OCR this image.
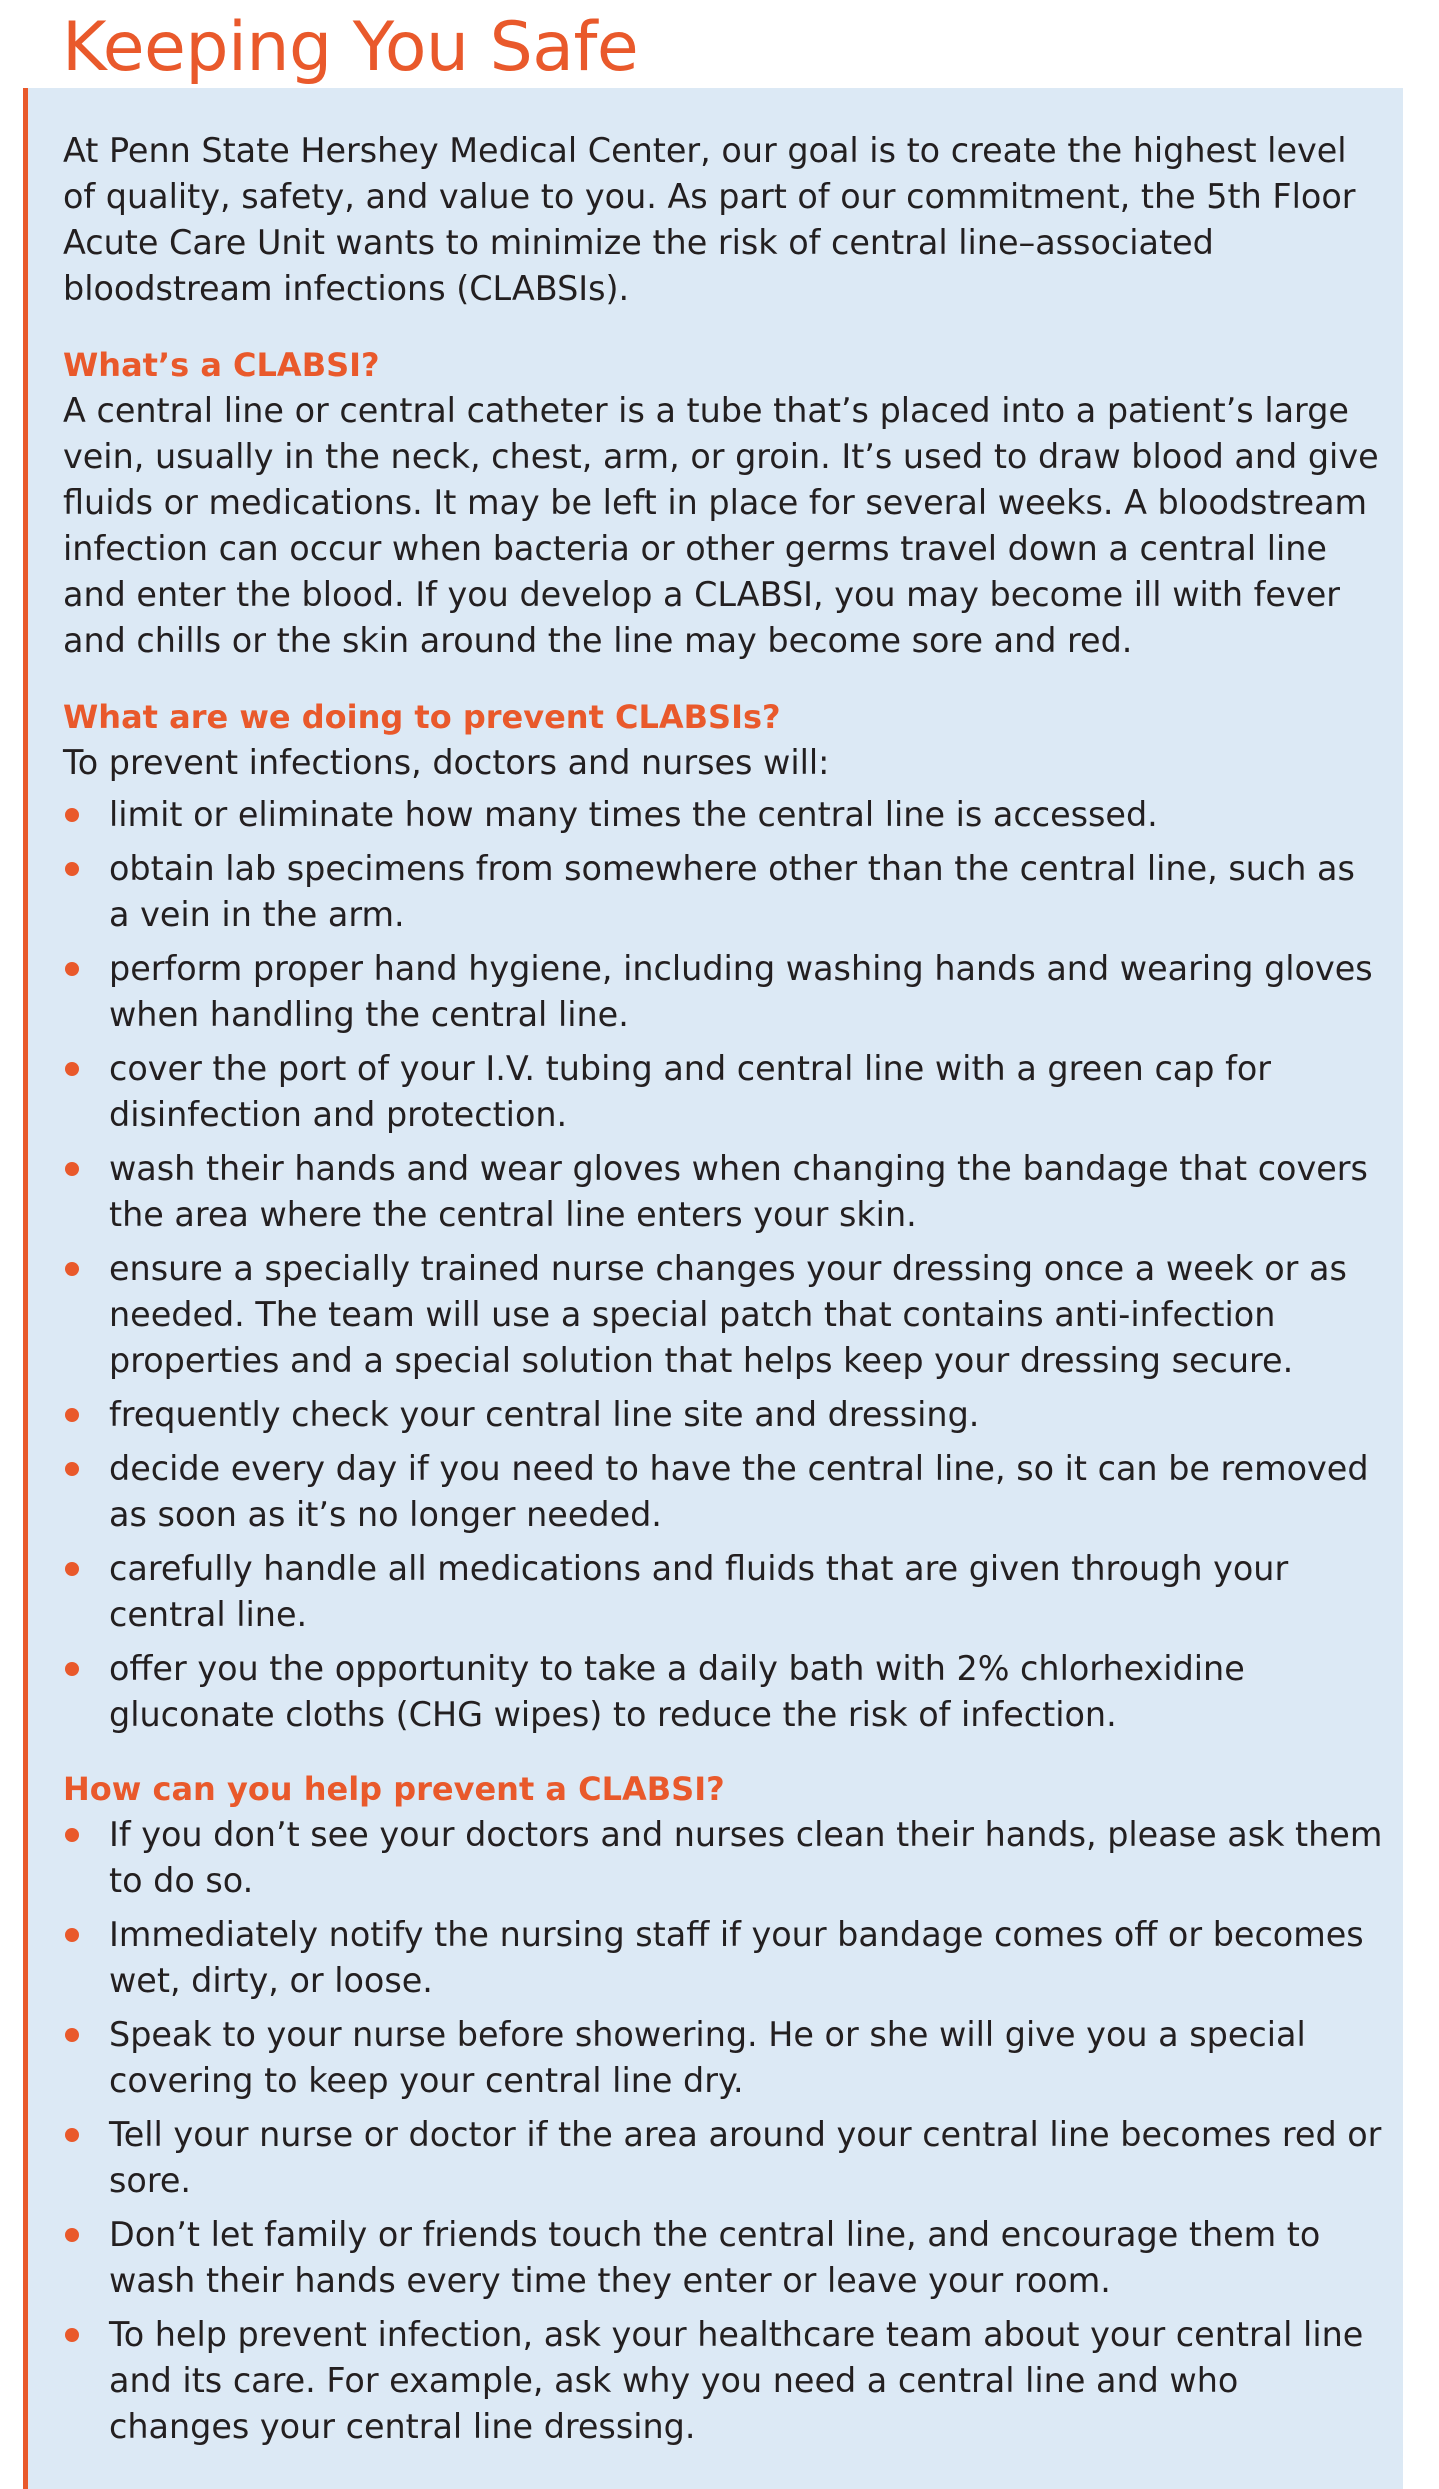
Keeping You Safe

At Penn State Hershey Medical Center, our goal is to create the highest level of quality, safety, and value to you. As part of our commitment, the 5th Floor Acute Care Unit wants to minimize the risk of central line–associated bloodstream infections (CLABSIs).

What’s a CLABSI?

A central line or central catheter is a tube that’s placed into a patient’s large vein, usually in the neck, chest, arm, or groin. It’s used to draw blood and give fluids or medications. It may be left in place for several weeks. A bloodstream infection can occur when bacteria or other germs travel down a central line and enter the blood. If you develop a CLABSI, you may become ill with fever and chills or the skin around the line may become sore and red.

What are we doing to prevent CLABSIs?

To prevent infections, doctors and nurses will:

limit or eliminate how many times the central line is accessed.
obtain lab specimens from somewhere other than the central line, such as a vein in the arm.
perform proper hand hygiene, including washing hands and wearing gloves when handling the central line.
cover the port of your I.V. tubing and central line with a green cap for disinfection and protection.
wash their hands and wear gloves when changing the bandage that covers the area where the central line enters your skin.
ensure a specially trained nurse changes your dressing once a week or as needed. The team will use a special patch that contains anti-infection properties and a special solution that helps keep your dressing secure.
frequently check your central line site and dressing.
decide every day if you need to have the central line, so it can be removed as soon as it’s no longer needed.
carefully handle all medications and fluids that are given through your central line.
offer you the opportunity to take a daily bath with 2% chlorhexidine gluconate cloths (CHG wipes) to reduce the risk of infection.
How can you help prevent a CLABSI?
If you don’t see your doctors and nurses clean their hands, please ask them to do so.
Immediately notify the nursing staff if your bandage comes off or becomes wet, dirty, or loose.
Speak to your nurse before showering. He or she will give you a special covering to keep your central line dry.
Tell your nurse or doctor if the area around your central line becomes red or sore.
Don’t let family or friends touch the central line, and encourage them to wash their hands every time they enter or leave your room.
To help prevent infection, ask your healthcare team about your central line and its care. For example, ask why you need a central line and who changes your central line dressing.
